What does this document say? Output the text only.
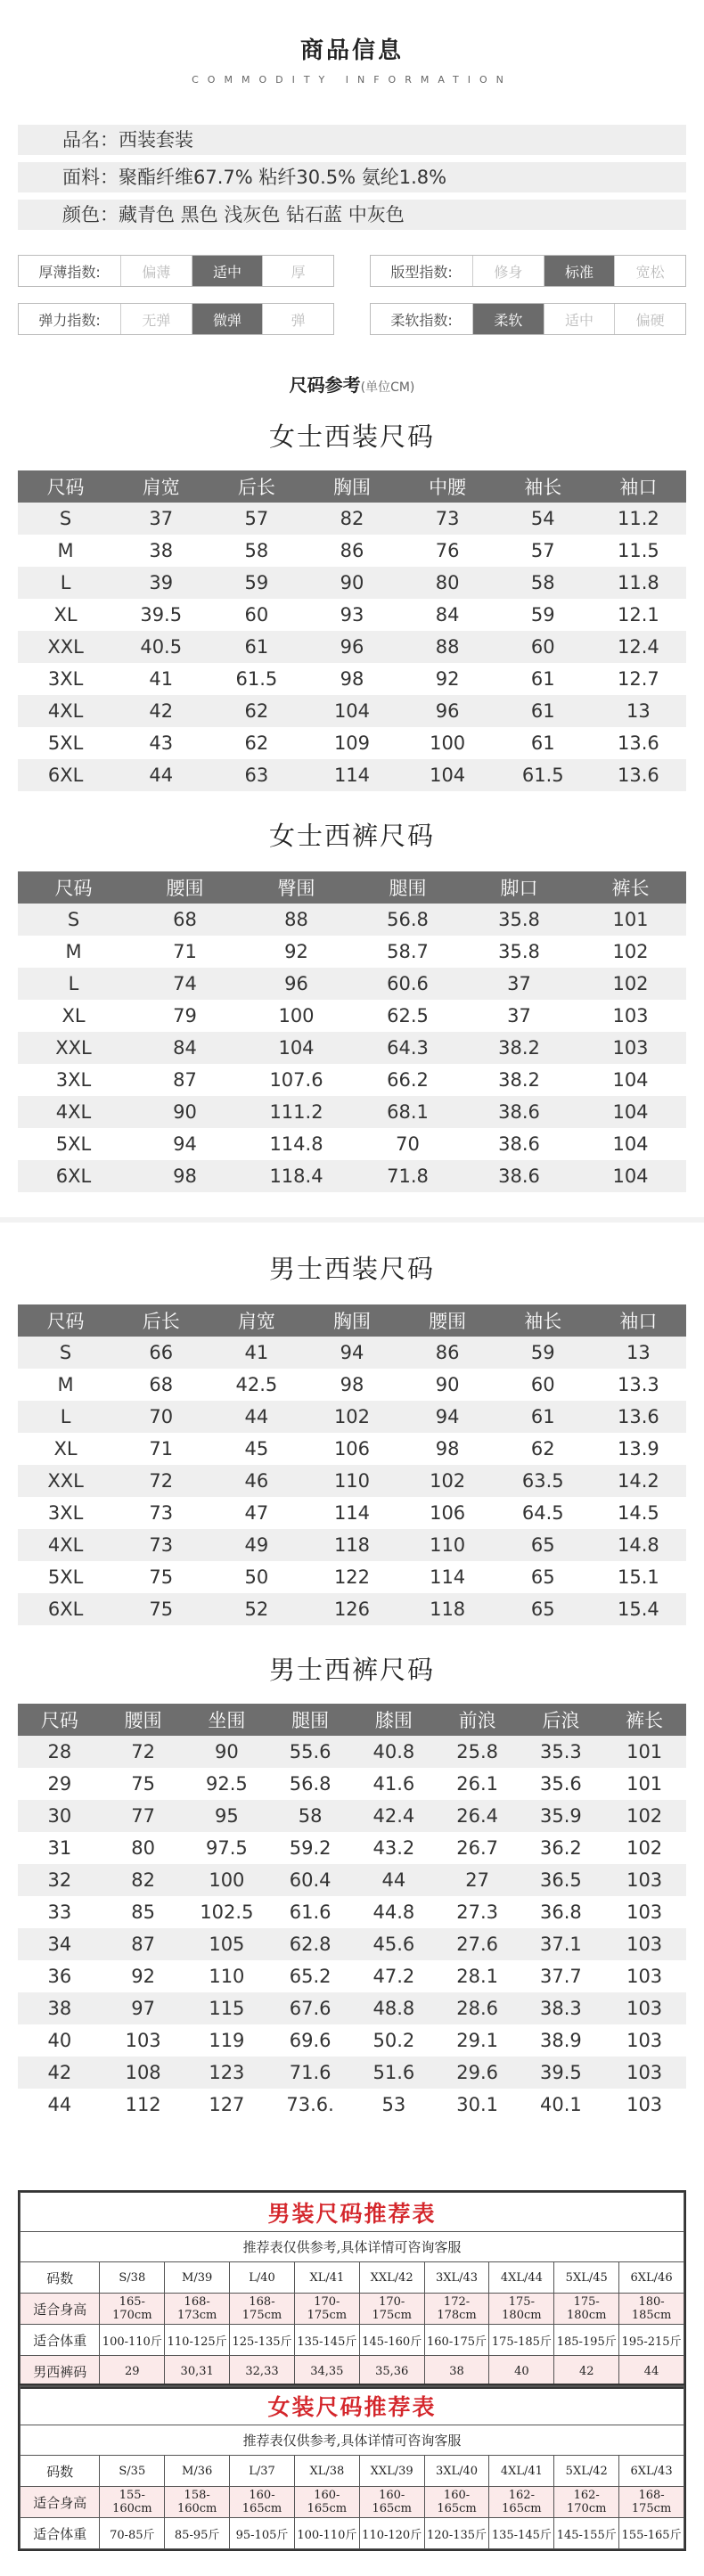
商品信息
COMMODITY INFORMATION
品名：西装套装
面料：聚酯纤维67.7% 粘纤30.5% 氨纶1.8%
颜色：藏青色 黑色 浅灰色 钻石蓝 中灰色
厚薄指数:	偏薄	适中	厚	版型指数:	修身	标准	宽松
弹力指数:	无弹	微弹	弹	柔软指数:	柔软	适中	偏硬
尺码参考(单位CM)
女士西装尺码
尺码	肩宽	后长	胸围	中腰	袖长	袖口
S	37	57	82	73	54	11.2
M	38	58	86	76	57	11.5
L	39	59	90	80	58	11.8
XL	39.5	60	93	84	59	12.1
XXL	40.5	61	96	88	60	12.4
3XL	41	61.5	98	92	61	12.7
4XL	42	62	104	96	61	13
5XL	43	62	109	100	61	13.6
6XL	44	63	114	104	61.5	13.6
女士西裤尺码
尺码	腰围	臀围	腿围	脚口	裤长
S	68	88	56.8	35.8	101
M	71	92	58.7	35.8	102
L	74	96	60.6	37	102
XL	79	100	62.5	37	103
XXL	84	104	64.3	38.2	103
3XL	87	107.6	66.2	38.2	104
4XL	90	111.2	68.1	38.6	104
5XL	94	114.8	70	38.6	104
6XL	98	118.4	71.8	38.6	104
男士西装尺码
尺码	后长	肩宽	胸围	腰围	袖长	袖口
S	66	41	94	86	59	13
M	68	42.5	98	90	60	13.3
L	70	44	102	94	61	13.6
XL	71	45	106	98	62	13.9
XXL	72	46	110	102	63.5	14.2
3XL	73	47	114	106	64.5	14.5
4XL	73	49	118	110	65	14.8
5XL	75	50	122	114	65	15.1
6XL	75	52	126	118	65	15.4
男士西裤尺码
尺码	腰围	坐围	腿围	膝围	前浪	后浪	裤长
28	72	90	55.6	40.8	25.8	35.3	101
29	75	92.5	56.8	41.6	26.1	35.6	101
30	77	95	58	42.4	26.4	35.9	102
31	80	97.5	59.2	43.2	26.7	36.2	102
32	82	100	60.4	44	27	36.5	103
33	85	102.5	61.6	44.8	27.3	36.8	103
34	87	105	62.8	45.6	27.6	37.1	103
36	92	110	65.2	47.2	28.1	37.7	103
38	97	115	67.6	48.8	28.6	38.3	103
40	103	119	69.6	50.2	29.1	38.9	103
42	108	123	71.6	51.6	29.6	39.5	103
44	112	127	73.6.	53	30.1	40.1	103
男装尺码推荐表									
推荐表仅供参考,具体详情可咨询客服									
码数	S/38	M/39	L/40	XL/41	XXL/42	3XL/43	4XL/44	5XL/45	6XL/46
适合身高	165-170cm	168-173cm	168-175cm	170-175cm	170-175cm	172-178cm	175-180cm	175-180cm	180-185cm
适合体重	100-110斤	110-125斤	125-135斤	135-145斤	145-160斤	160-175斤	175-185斤	185-195斤	195-215斤
男西裤码	29	30,31	32,33	34,35	35,36	38	40	42	44
女装尺码推荐表									
推荐表仅供参考,具体详情可咨询客服									
码数	S/35	M/36	L/37	XL/38	XXL/39	3XL/40	4XL/41	5XL/42	6XL/43
适合身高	155-160cm	158-160cm	160-165cm	160-165cm	160-165cm	160-165cm	162-165cm	162-170cm	168-175cm
适合体重	70-85斤	85-95斤	95-105斤	100-110斤	110-120斤	120-135斤	135-145斤	145-155斤	155-165斤
